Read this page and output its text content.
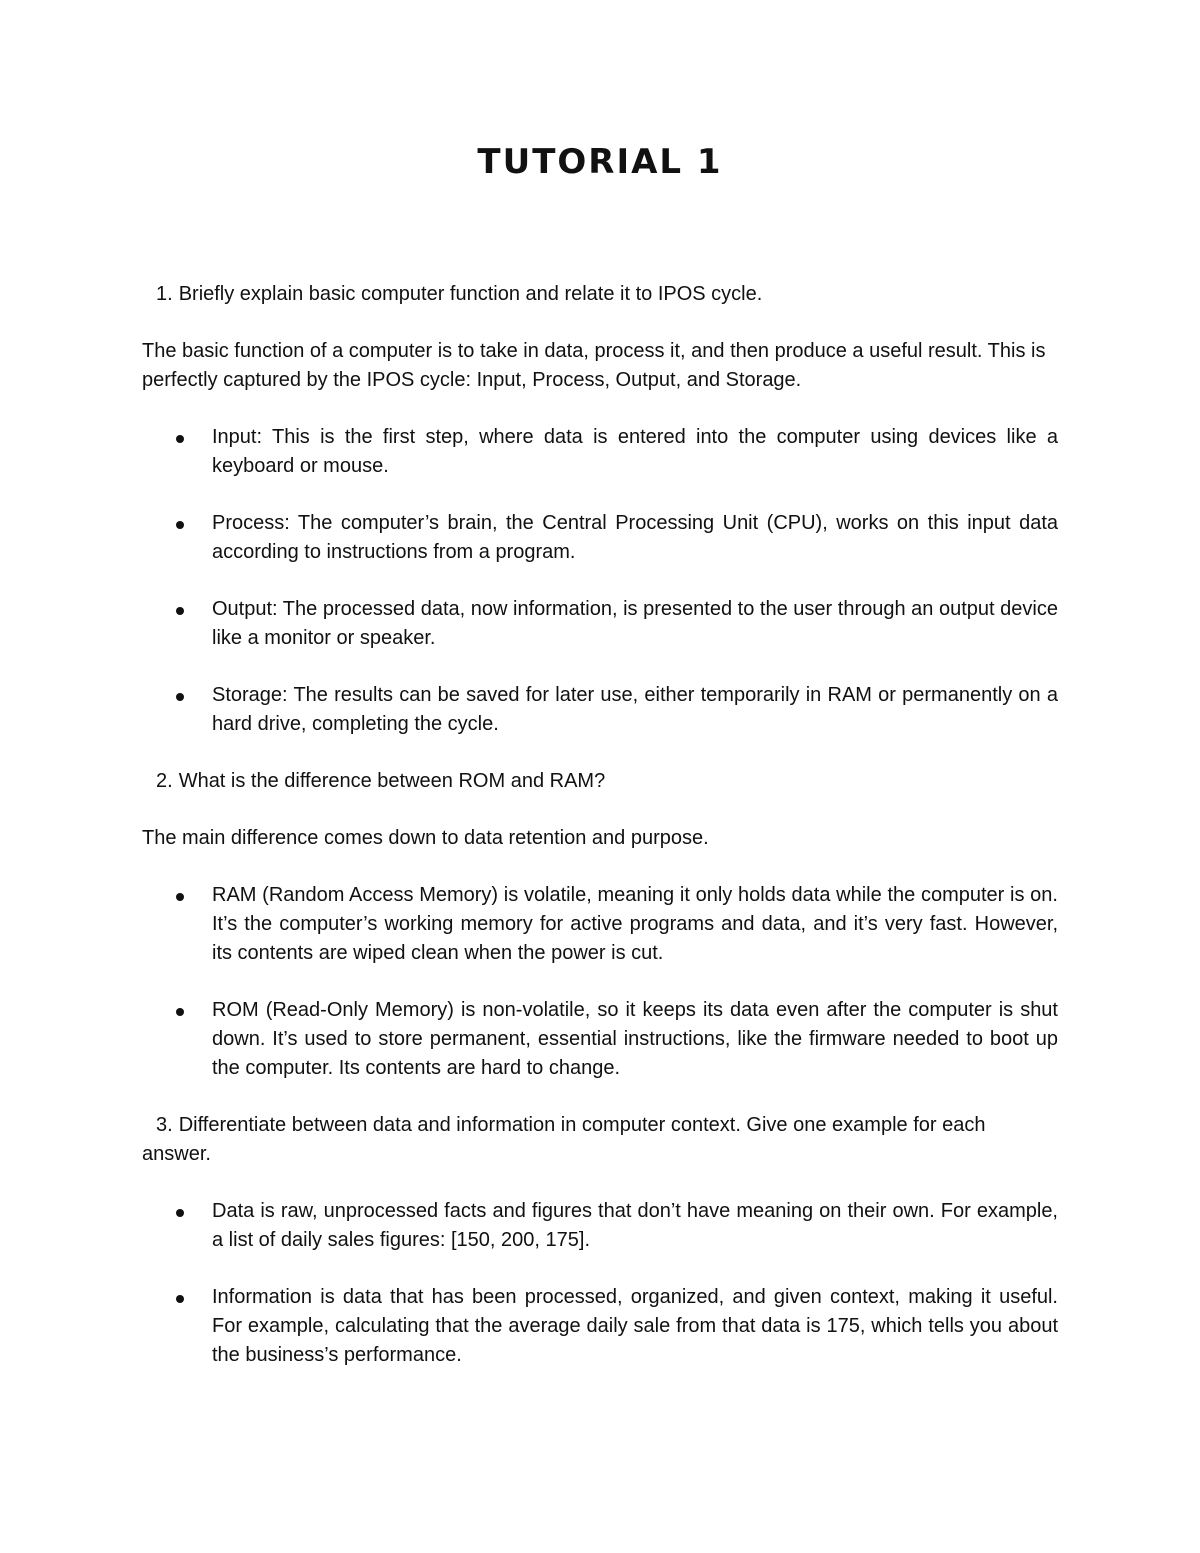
TUTORIAL 1
1. Briefly explain basic computer function and relate it to IPOS cycle.
The basic function of a computer is to take in data, process it, and then produce a useful result. This is perfectly captured by the IPOS cycle: Input, Process, Output, and Storage.
Input: This is the first step, where data is entered into the computer using devices like a keyboard or mouse.
Process: The computer’s brain, the Central Processing Unit (CPU), works on this input data according to instructions from a program.
Output: The processed data, now information, is presented to the user through an output device like a monitor or speaker.
Storage: The results can be saved for later use, either temporarily in RAM or permanently on a hard drive, completing the cycle.
2. What is the difference between ROM and RAM?
The main difference comes down to data retention and purpose.
RAM (Random Access Memory) is volatile, meaning it only holds data while the computer is on. It’s the computer’s working memory for active programs and data, and it’s very fast. However, its contents are wiped clean when the power is cut.
ROM (Read-Only Memory) is non-volatile, so it keeps its data even after the computer is shut down. It’s used to store permanent, essential instructions, like the firmware needed to boot up the computer. Its contents are hard to change.
3. Differentiate between data and information in computer context. Give one example for each answer.
Data is raw, unprocessed facts and figures that don’t have meaning on their own. For example, a list of daily sales figures: [150, 200, 175].
Information is data that has been processed, organized, and given context, making it useful. For example, calculating that the average daily sale from that data is 175, which tells you about the business’s performance.
